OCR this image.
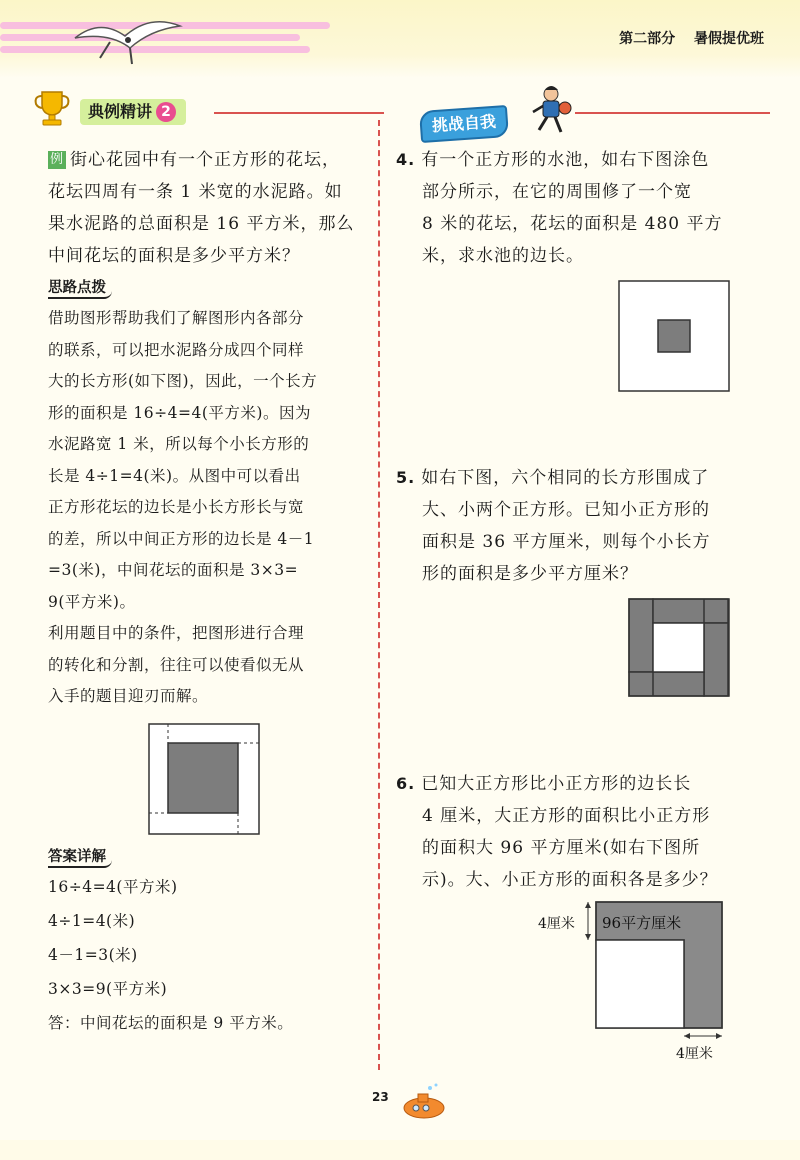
第二部分 暑假提优班
典例精讲 2	挑战自我

例 街心花园中有一个正方形的花坛，

花坛四周有一条 1 米宽的水泥路。如

果水泥路的总面积是 16 平方米，那么

中间花坛的面积是多少平方米？

思路点拨

借助图形帮助我们了解图形内各部分

的联系，可以把水泥路分成四个同样

大的长方形(如下图)，因此，一个长方

形的面积是 16÷4=4(平方米)。因为

水泥路宽 1 米，所以每个小长方形的

长是 4÷1=4(米)。从图中可以看出

正方形花坛的边长是小长方形长与宽

的差，所以中间正方形的边长是 4－1

=3(米)，中间花坛的面积是 3×3=

9(平方米)。

利用题目中的条件，把图形进行合理

的转化和分割，往往可以使看似无从

入手的题目迎刃而解。

答案详解

16÷4=4(平方米)

4÷1=4(米)

4－1=3(米)

3×3=9(平方米)

答：中间花坛的面积是 9 平方米。

4. 有一个正方形的水池，如右下图涂色

部分所示，在它的周围修了一个宽

8 米的花坛，花坛的面积是 480 平方

米，求水池的边长。

5. 如右下图，六个相同的长方形围成了

大、小两个正方形。已知小正方形的

面积是 36 平方厘米，则每个小长方

形的面积是多少平方厘米？

6. 已知大正方形比小正方形的边长长

4 厘米，大正方形的面积比小正方形

的面积大 96 平方厘米(如右下图所

示)。大、小正方形的面积各是多少？

96平方厘米
4厘米
4厘米
23
